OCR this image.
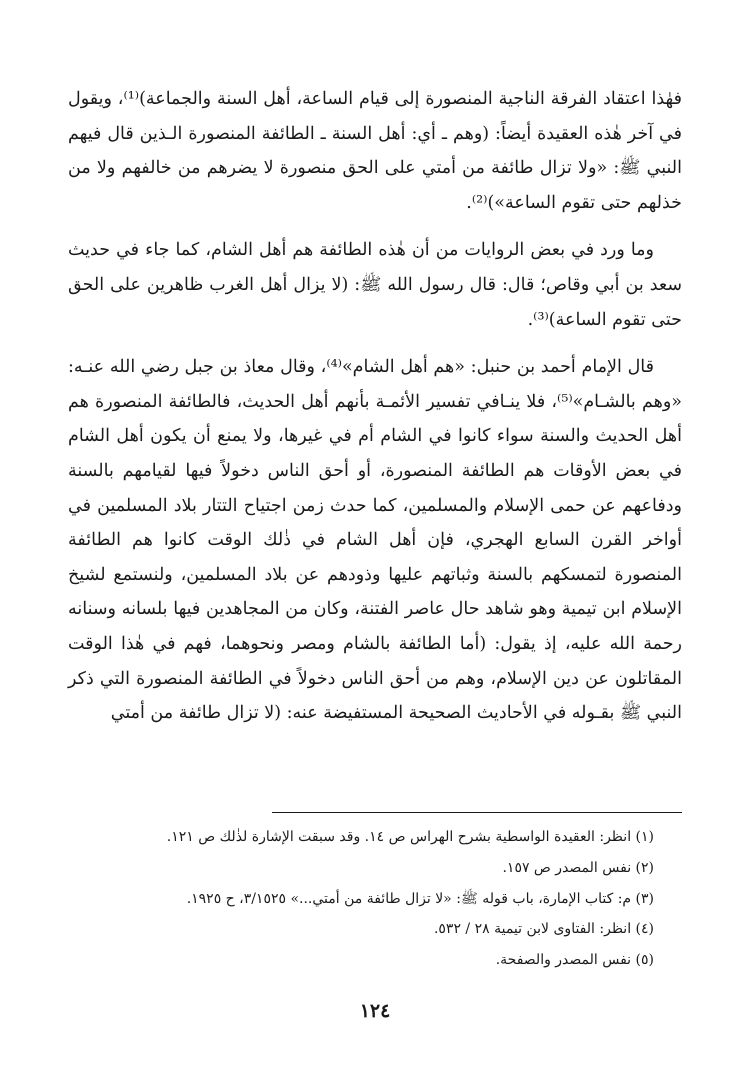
فهٰذا اعتقاد الفرقة الناجية المنصورة إلى قيام الساعة، أهل السنة والجماعة)⁽¹⁾، ويقول في آخر هٰذه العقيدة أيضاً: (وهم ـ أي: أهل السنة ـ الطائفة المنصورة الـذين قال فيهم النبي ﷺ: «ولا تزال طائفة من أمتي على الحق منصورة لا يضرهم من خالفهم ولا من خذلهم حتى تقوم الساعة»)⁽²⁾.

وما ورد في بعض الروايات من أن هٰذه الطائفة هم أهل الشام، كما جاء في حديث سعد بن أبي وقاص؛ قال: قال رسول الله ﷺ: (لا يزال أهل الغرب ظاهرين على الحق حتى تقوم الساعة)⁽³⁾.

قال الإمام أحمد بن حنبل: «هم أهل الشام»⁽⁴⁾، وقال معاذ بن جبل رضي الله عنـه: «وهم بالشـام»⁽⁵⁾، فلا ينـافي تفسير الأئمـة بأنهم أهل الحديث، فالطائفة المنصورة هم أهل الحديث والسنة سواء كانوا في الشام أم في غيرها، ولا يمنع أن يكون أهل الشام في بعض الأوقات هم الطائفة المنصورة، أو أحق الناس دخولاً فيها لقيامهم بالسنة ودفاعهم عن حمى الإسلام والمسلمين، كما حدث زمن اجتياح التتار بلاد المسلمين في أواخر القرن السابع الهجري، فإن أهل الشام في ذٰلك الوقت كانوا هم الطائفة المنصورة لتمسكهم بالسنة وثباتهم عليها وذودهم عن بلاد المسلمين، ولنستمع لشيخ الإسلام ابن تيمية وهو شاهد حال عاصر الفتنة، وكان من المجاهدين فيها بلسانه وسنانه رحمة الله عليه، إذ يقول: (أما الطائفة بالشام ومصر ونحوهما، فهم في هٰذا الوقت المقاتلون عن دين الإسلام، وهم من أحق الناس دخولاً في الطائفة المنصورة التي ذكر النبي ﷺ بقـوله في الأحاديث الصحيحة المستفيضة عنه: (لا تزال طائفة من أمتي

(١) انظر: العقيدة الواسطية بشرح الهراس ص ١٤. وقد سبقت الإشارة لذٰلك ص ١٢١.
(٢) نفس المصدر ص ١٥٧.
(٣) م: كتاب الإمارة، باب قوله ﷺ: «لا تزال طائفة من أمتي...» ٣/١٥٢٥، ح ١٩٢٥.
(٤) انظر: الفتاوى لابن تيمية ٢٨ / ٥٣٢.
(٥) نفس المصدر والصفحة.
١٢٤
